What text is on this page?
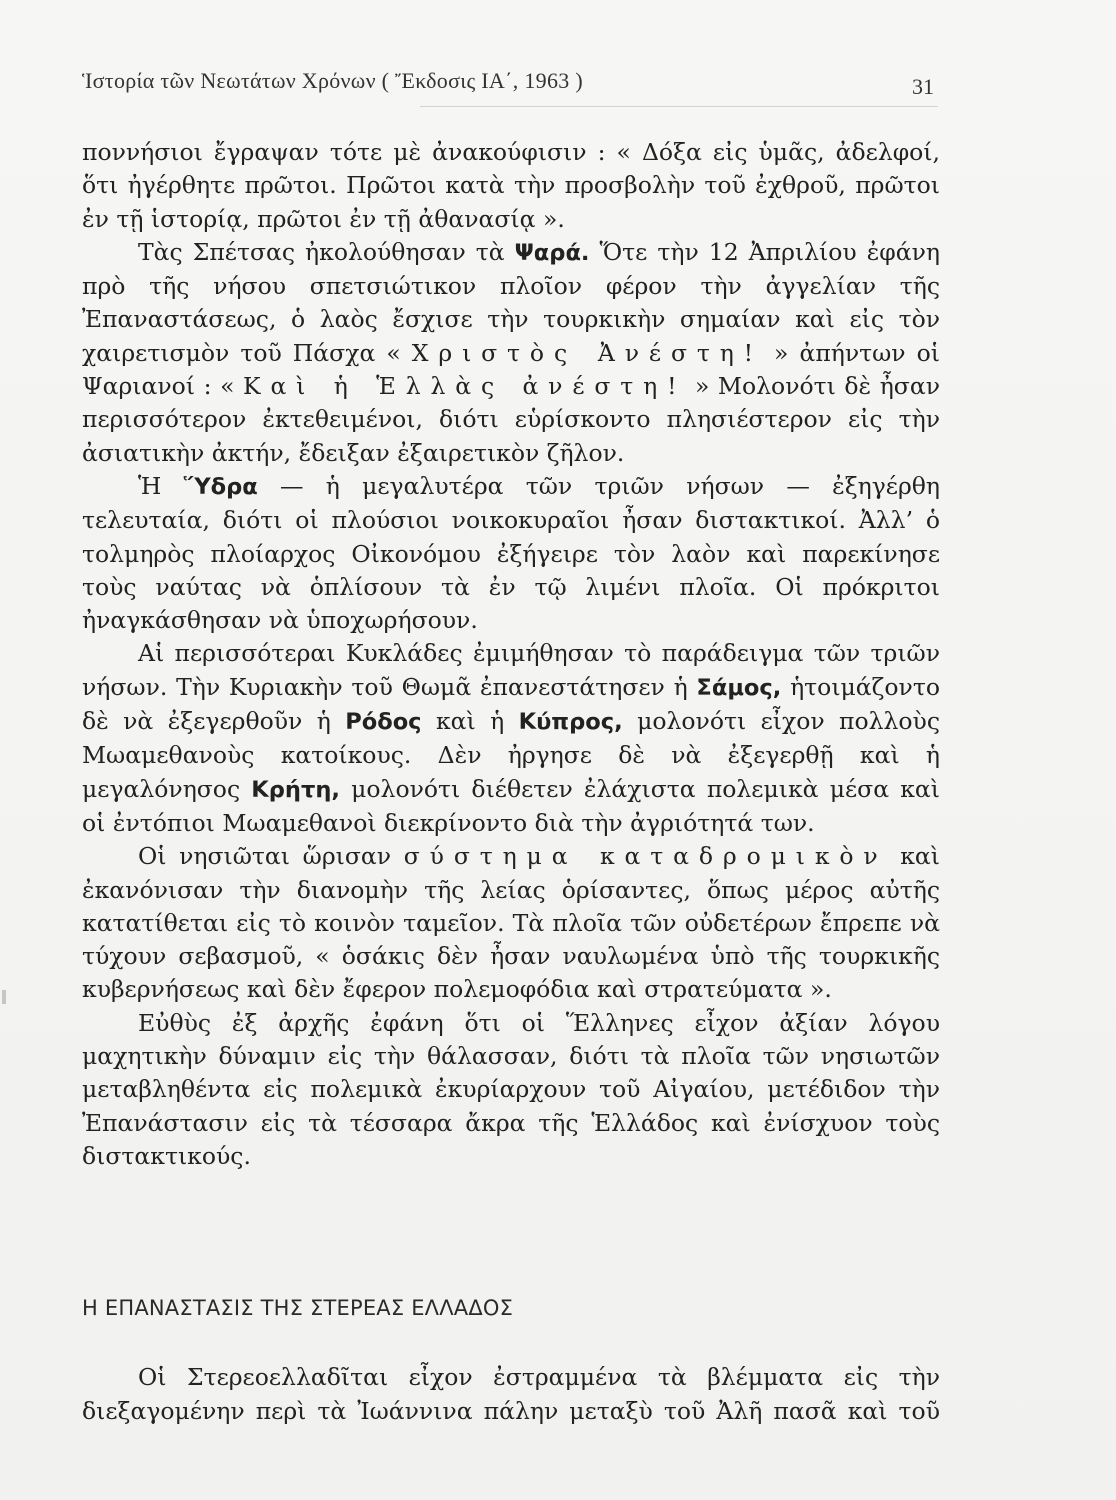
Ἱστορία τῶν Νεωτάτων Χρόνων ( Ἔκδοσις ΙΑ΄, 1963 )	31

ποννήσιοι ἔγραψαν τότε μὲ ἀνακούφισιν : « Δόξα εἰς ὑμᾶς, ἀδελφοί, ὅτι ἠγέρθητε πρῶτοι. Πρῶτοι κατὰ τὴν προσβολὴν τοῦ ἐχθροῦ, πρῶτοι ἐν τῇ ἱστορίᾳ, πρῶτοι ἐν τῇ ἀθανασίᾳ ».

Τὰς Σπέτσας ἠκολούθησαν τὰ Ψαρά. Ὅτε τὴν 12 Ἀπριλίου ἐφάνη πρὸ τῆς νήσου σπετσιώτικον πλοῖον φέρον τὴν ἀγγελίαν τῆς Ἐπαναστάσεως, ὁ λαὸς ἔσχισε τὴν τουρκικὴν σημαίαν καὶ εἰς τὸν χαιρετισμὸν τοῦ Πάσχα « Χριστὸς Ἀνέστη! » ἀπήντων οἱ Ψαριανοί : « Καὶ ἡ Ἑλλὰς ἀνέστη! » Μολονότι δὲ ἦσαν περισσότερον ἐκτεθειμένοι, διότι εὑρίσκοντο πλησιέστερον εἰς τὴν ἀσιατικὴν ἀκτήν, ἔδειξαν ἐξαιρετικὸν ζῆλον.

Ἡ Ὕδρα — ἡ μεγαλυτέρα τῶν τριῶν νήσων — ἐξηγέρθη τελευταία, διότι οἱ πλούσιοι νοικοκυραῖοι ἦσαν διστακτικοί. Ἀλλ’ ὁ τολμηρὸς πλοίαρχος Οἰκονόμου ἐξήγειρε τὸν λαὸν καὶ παρεκίνησε τοὺς ναύτας νὰ ὁπλίσουν τὰ ἐν τῷ λιμένι πλοῖα. Οἱ πρόκριτοι ἠναγκάσθησαν νὰ ὑποχωρήσουν.

Αἱ περισσότεραι Κυκλάδες ἐμιμήθησαν τὸ παράδειγμα τῶν τριῶν νήσων. Τὴν Κυριακὴν τοῦ Θωμᾶ ἐπανεστάτησεν ἡ Σάμος, ἡτοιμάζοντο δὲ νὰ ἐξεγερθοῦν ἡ Ρόδος καὶ ἡ Κύπρος, μολονότι εἶχον πολλοὺς Μωαμεθανοὺς κατοίκους. Δὲν ἠργησε δὲ νὰ ἐξεγερθῇ καὶ ἡ μεγαλόνησος Κρήτη, μολονότι διέθετεν ἐλάχιστα πολεμικὰ μέσα καὶ οἱ ἐντόπιοι Μωαμεθανοὶ διεκρίνοντο διὰ τὴν ἀγριότητά των.

Οἱ νησιῶται ὥρισαν σύστημα καταδρομικὸν καὶ ἐκανόνισαν τὴν διανομὴν τῆς λείας ὁρίσαντες, ὅπως μέρος αὐτῆς κατατίθεται εἰς τὸ κοινὸν ταμεῖον. Τὰ πλοῖα τῶν οὐδετέρων ἔπρεπε νὰ τύχουν σεβασμοῦ, « ὁσάκις δὲν ἦσαν ναυλωμένα ὑπὸ τῆς τουρκικῆς κυβερνήσεως καὶ δὲν ἔφερον πολεμοφόδια καὶ στρατεύματα ».

Εὐθὺς ἐξ ἀρχῆς ἐφάνη ὅτι οἱ Ἕλληνες εἶχον ἀξίαν λόγου μαχητικὴν δύναμιν εἰς τὴν θάλασσαν, διότι τὰ πλοῖα τῶν νησιωτῶν μεταβληθέντα εἰς πολεμικὰ ἐκυρίαρχουν τοῦ Αἰγαίου, μετέδιδον τὴν Ἐπανάστασιν εἰς τὰ τέσσαρα ἄκρα τῆς Ἑλλάδος καὶ ἐνίσχυον τοὺς διστακτικούς.

Η ΕΠΑΝΑΣΤΑΣΙΣ ΤΗΣ ΣΤΕΡΕΑΣ ΕΛΛΑΔΟΣ

Οἱ Στερεοελλαδῖται εἶχον ἐστραμμένα τὰ βλέμματα εἰς τὴν διεξαγομένην περὶ τὰ Ἰωάννινα πάλην μεταξὺ τοῦ Ἀλῆ πασᾶ καὶ τοῦ
